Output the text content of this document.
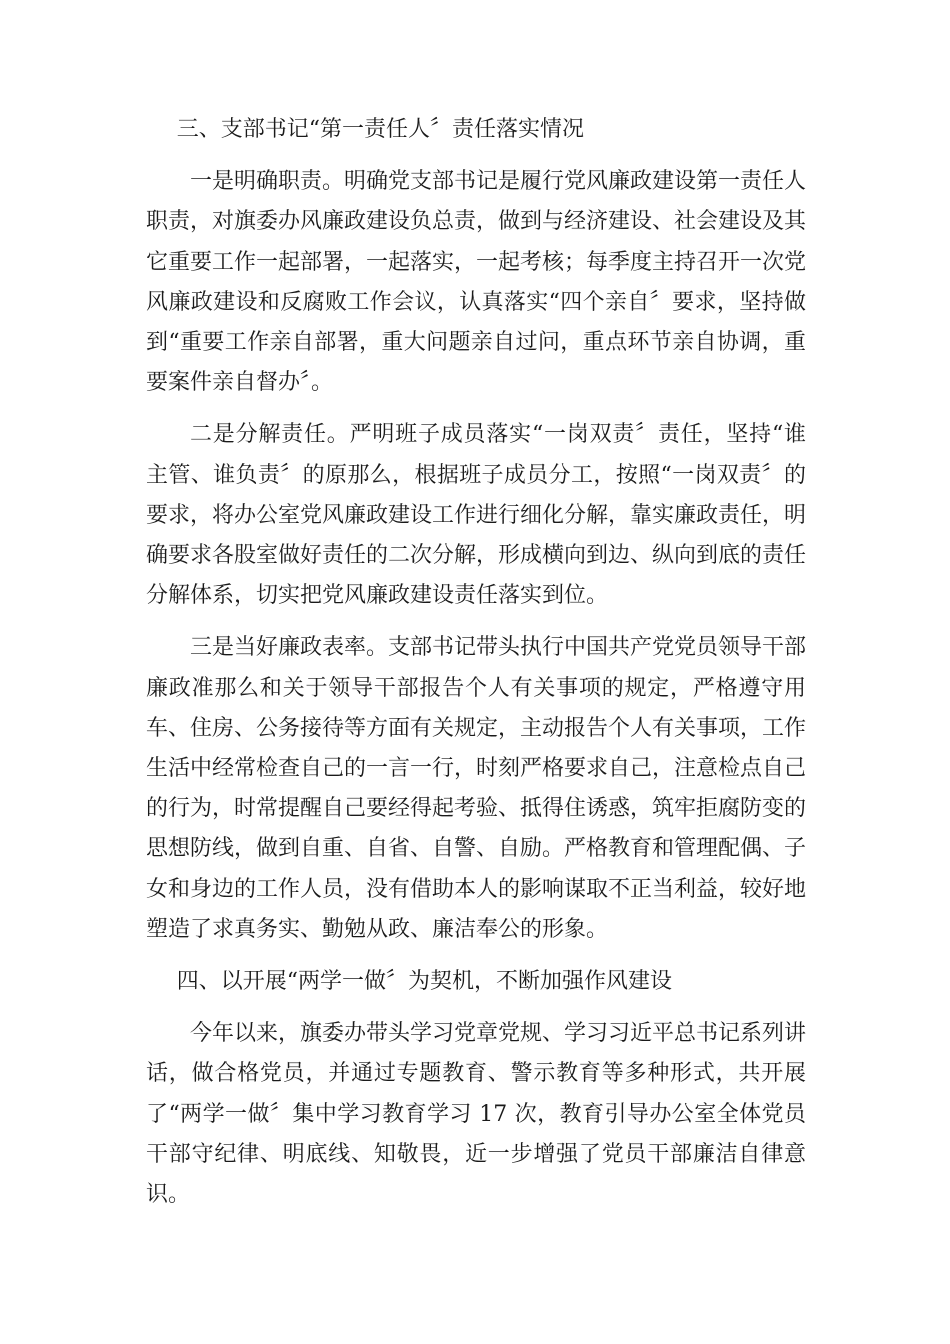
三、支部书记“第一责任人〞责任落实情况

一是明确职责。明确党支部书记是履行党风廉政建设第一责任人职责，对旗委办风廉政建设负总责，做到与经济建设、社会建设及其它重要工作一起部署，一起落实，一起考核；每季度主持召开一次党风廉政建设和反腐败工作会议，认真落实“四个亲自〞要求，坚持做到“重要工作亲自部署，重大问题亲自过问，重点环节亲自协调，重要案件亲自督办〞。

二是分解责任。严明班子成员落实“一岗双责〞责任，坚持“谁主管、谁负责〞的原那么，根据班子成员分工，按照“一岗双责〞的要求，将办公室党风廉政建设工作进行细化分解，靠实廉政责任，明确要求各股室做好责任的二次分解，形成横向到边、纵向到底的责任分解体系，切实把党风廉政建设责任落实到位。

三是当好廉政表率。支部书记带头执行中国共产党党员领导干部廉政准那么和关于领导干部报告个人有关事项的规定，严格遵守用车、住房、公务接待等方面有关规定，主动报告个人有关事项，工作生活中经常检查自己的一言一行，时刻严格要求自己，注意检点自己的行为，时常提醒自己要经得起考验、抵得住诱惑，筑牢拒腐防变的思想防线，做到自重、自省、自警、自励。严格教育和管理配偶、子女和身边的工作人员，没有借助本人的影响谋取不正当利益，较好地塑造了求真务实、勤勉从政、廉洁奉公的形象。

四、以开展“两学一做〞为契机，不断加强作风建设

今年以来，旗委办带头学习党章党规、学习习近平总书记系列讲话，做合格党员，并通过专题教育、警示教育等多种形式，共开展了“两学一做〞集中学习教育学习 17 次，教育引导办公室全体党员干部守纪律、明底线、知敬畏，近一步增强了党员干部廉洁自律意识。
